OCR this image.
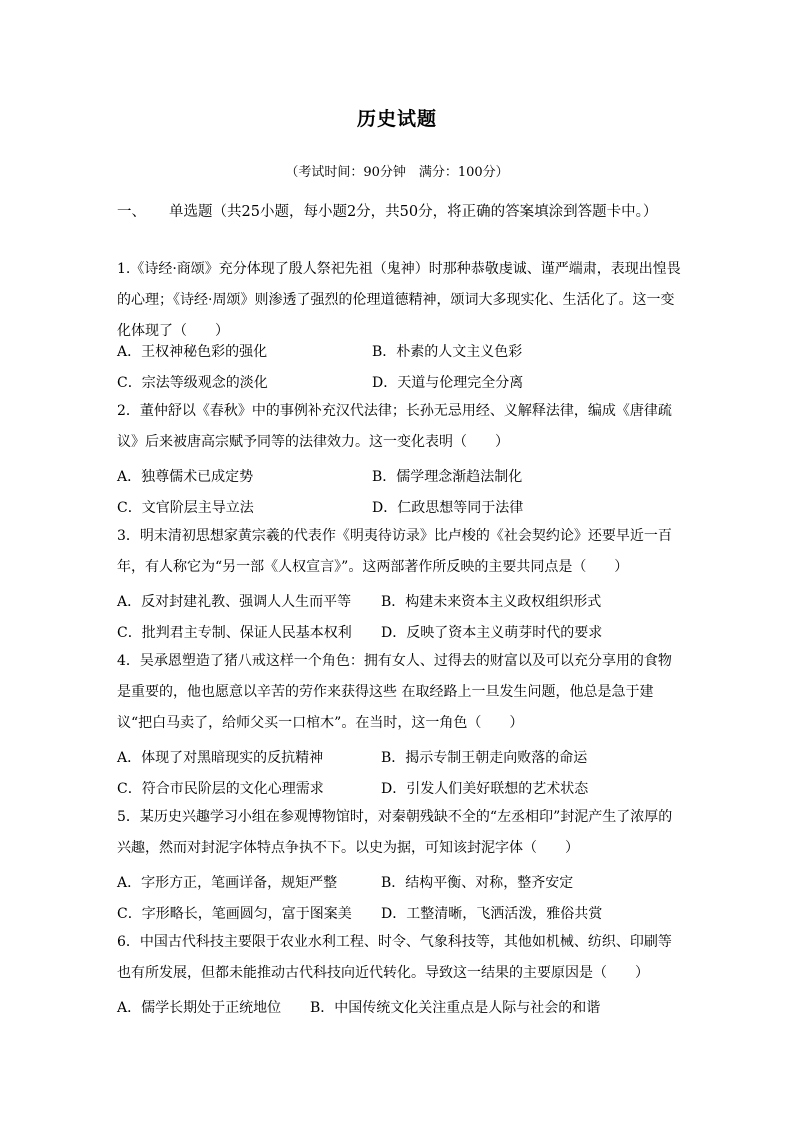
历史试题
（考试时间：90分钟　满分：100分）
一、 单选题（共25小题，每小题2分，共50分，将正确的答案填涂到答题卡中。）
1.《诗经·商颂》充分体现了殷人祭祀先祖（鬼神）时那种恭敬虔诚、谨严端肃，表现出惶畏的心理；《诗经·周颂》则渗透了强烈的伦理道德精神，颂词大多现实化、生活化了。这一变化体现了（　　）
A．王权神秘色彩的强化	B．朴素的人文主义色彩
C．宗法等级观念的淡化	D．天道与伦理完全分离
2．董仲舒以《春秋》中的事例补充汉代法律；长孙无忌用经、义解释法律，编成《唐律疏议》后来被唐高宗赋予同等的法律效力。这一变化表明（　　）
A．独尊儒术已成定势	B．儒学理念渐趋法制化
C．文官阶层主导立法	D．仁政思想等同于法律
3．明末清初思想家黄宗羲的代表作《明夷待访录》比卢梭的《社会契约论》还要早近一百年，有人称它为“另一部《人权宣言》”。这两部著作所反映的主要共同点是（　　）
A．反对封建礼教、强调人人生而平等 B．构建未来资本主义政权组织形式
C．批判君主专制、保证人民基本权利 D．反映了资本主义萌芽时代的要求
4．吴承恩塑造了猪八戒这样一个角色：拥有女人、过得去的财富以及可以充分享用的食物是重要的，他也愿意以辛苦的劳作来获得这些 在取经路上一旦发生问题，他总是急于建议“把白马卖了，给师父买一口棺木”。在当时，这一角色（　　）
A．体现了对黑暗现实的反抗精神	B．揭示专制王朝走向败落的命运
C．符合市民阶层的文化心理需求	D．引发人们美好联想的艺术状态
5．某历史兴趣学习小组在参观博物馆时，对秦朝残缺不全的“左丞相印”封泥产生了浓厚的兴趣，然而对封泥字体特点争执不下。以史为据，可知该封泥字体（　　）
A．字形方正，笔画详备，规矩严整	B．结构平衡、对称，整齐安定
C．字形略长，笔画圆匀，富于图案美 D．工整清晰，飞洒活泼，雅俗共赏
6．中国古代科技主要限于农业水利工程、时令、气象科技等，其他如机械、纺织、印刷等也有所发展，但都未能推动古代科技向近代转化。导致这一结果的主要原因是（　　）
A．儒学长期处于正统地位 B．中国传统文化关注重点是人际与社会的和谐
